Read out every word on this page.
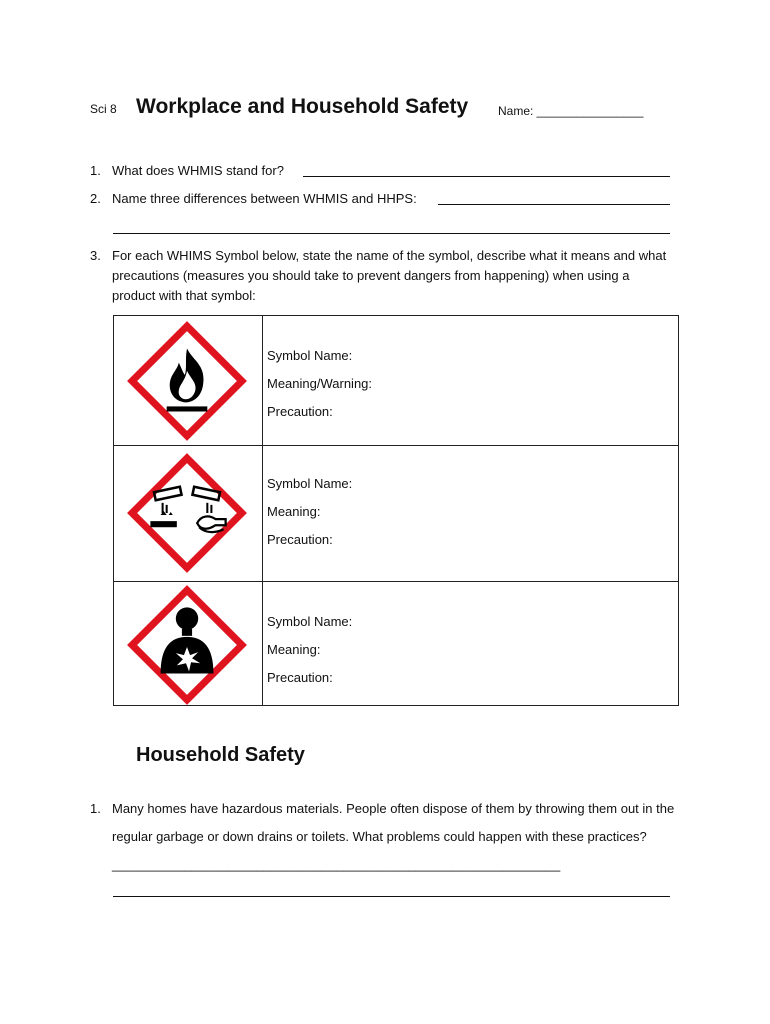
Sci 8 Workplace and Household Safety Name: ________________
1. What does WHMIS stand for?
2. Name three differences between WHMIS and HHPS:
3. For each WHIMS Symbol below, state the name of the symbol, describe what it means and what precautions (measures you should take to prevent dangers from happening) when using a product with that symbol:
Symbol Name:
Meaning/Warning:
Precaution:
Symbol Name:
Meaning:
Precaution:
Symbol Name:
Meaning:
Precaution:
Household Safety
1. Many homes have hazardous materials. People often dispose of them by throwing them out in the regular garbage or down drains or toilets. What problems could happen with these practices? ______________________________________________________________
